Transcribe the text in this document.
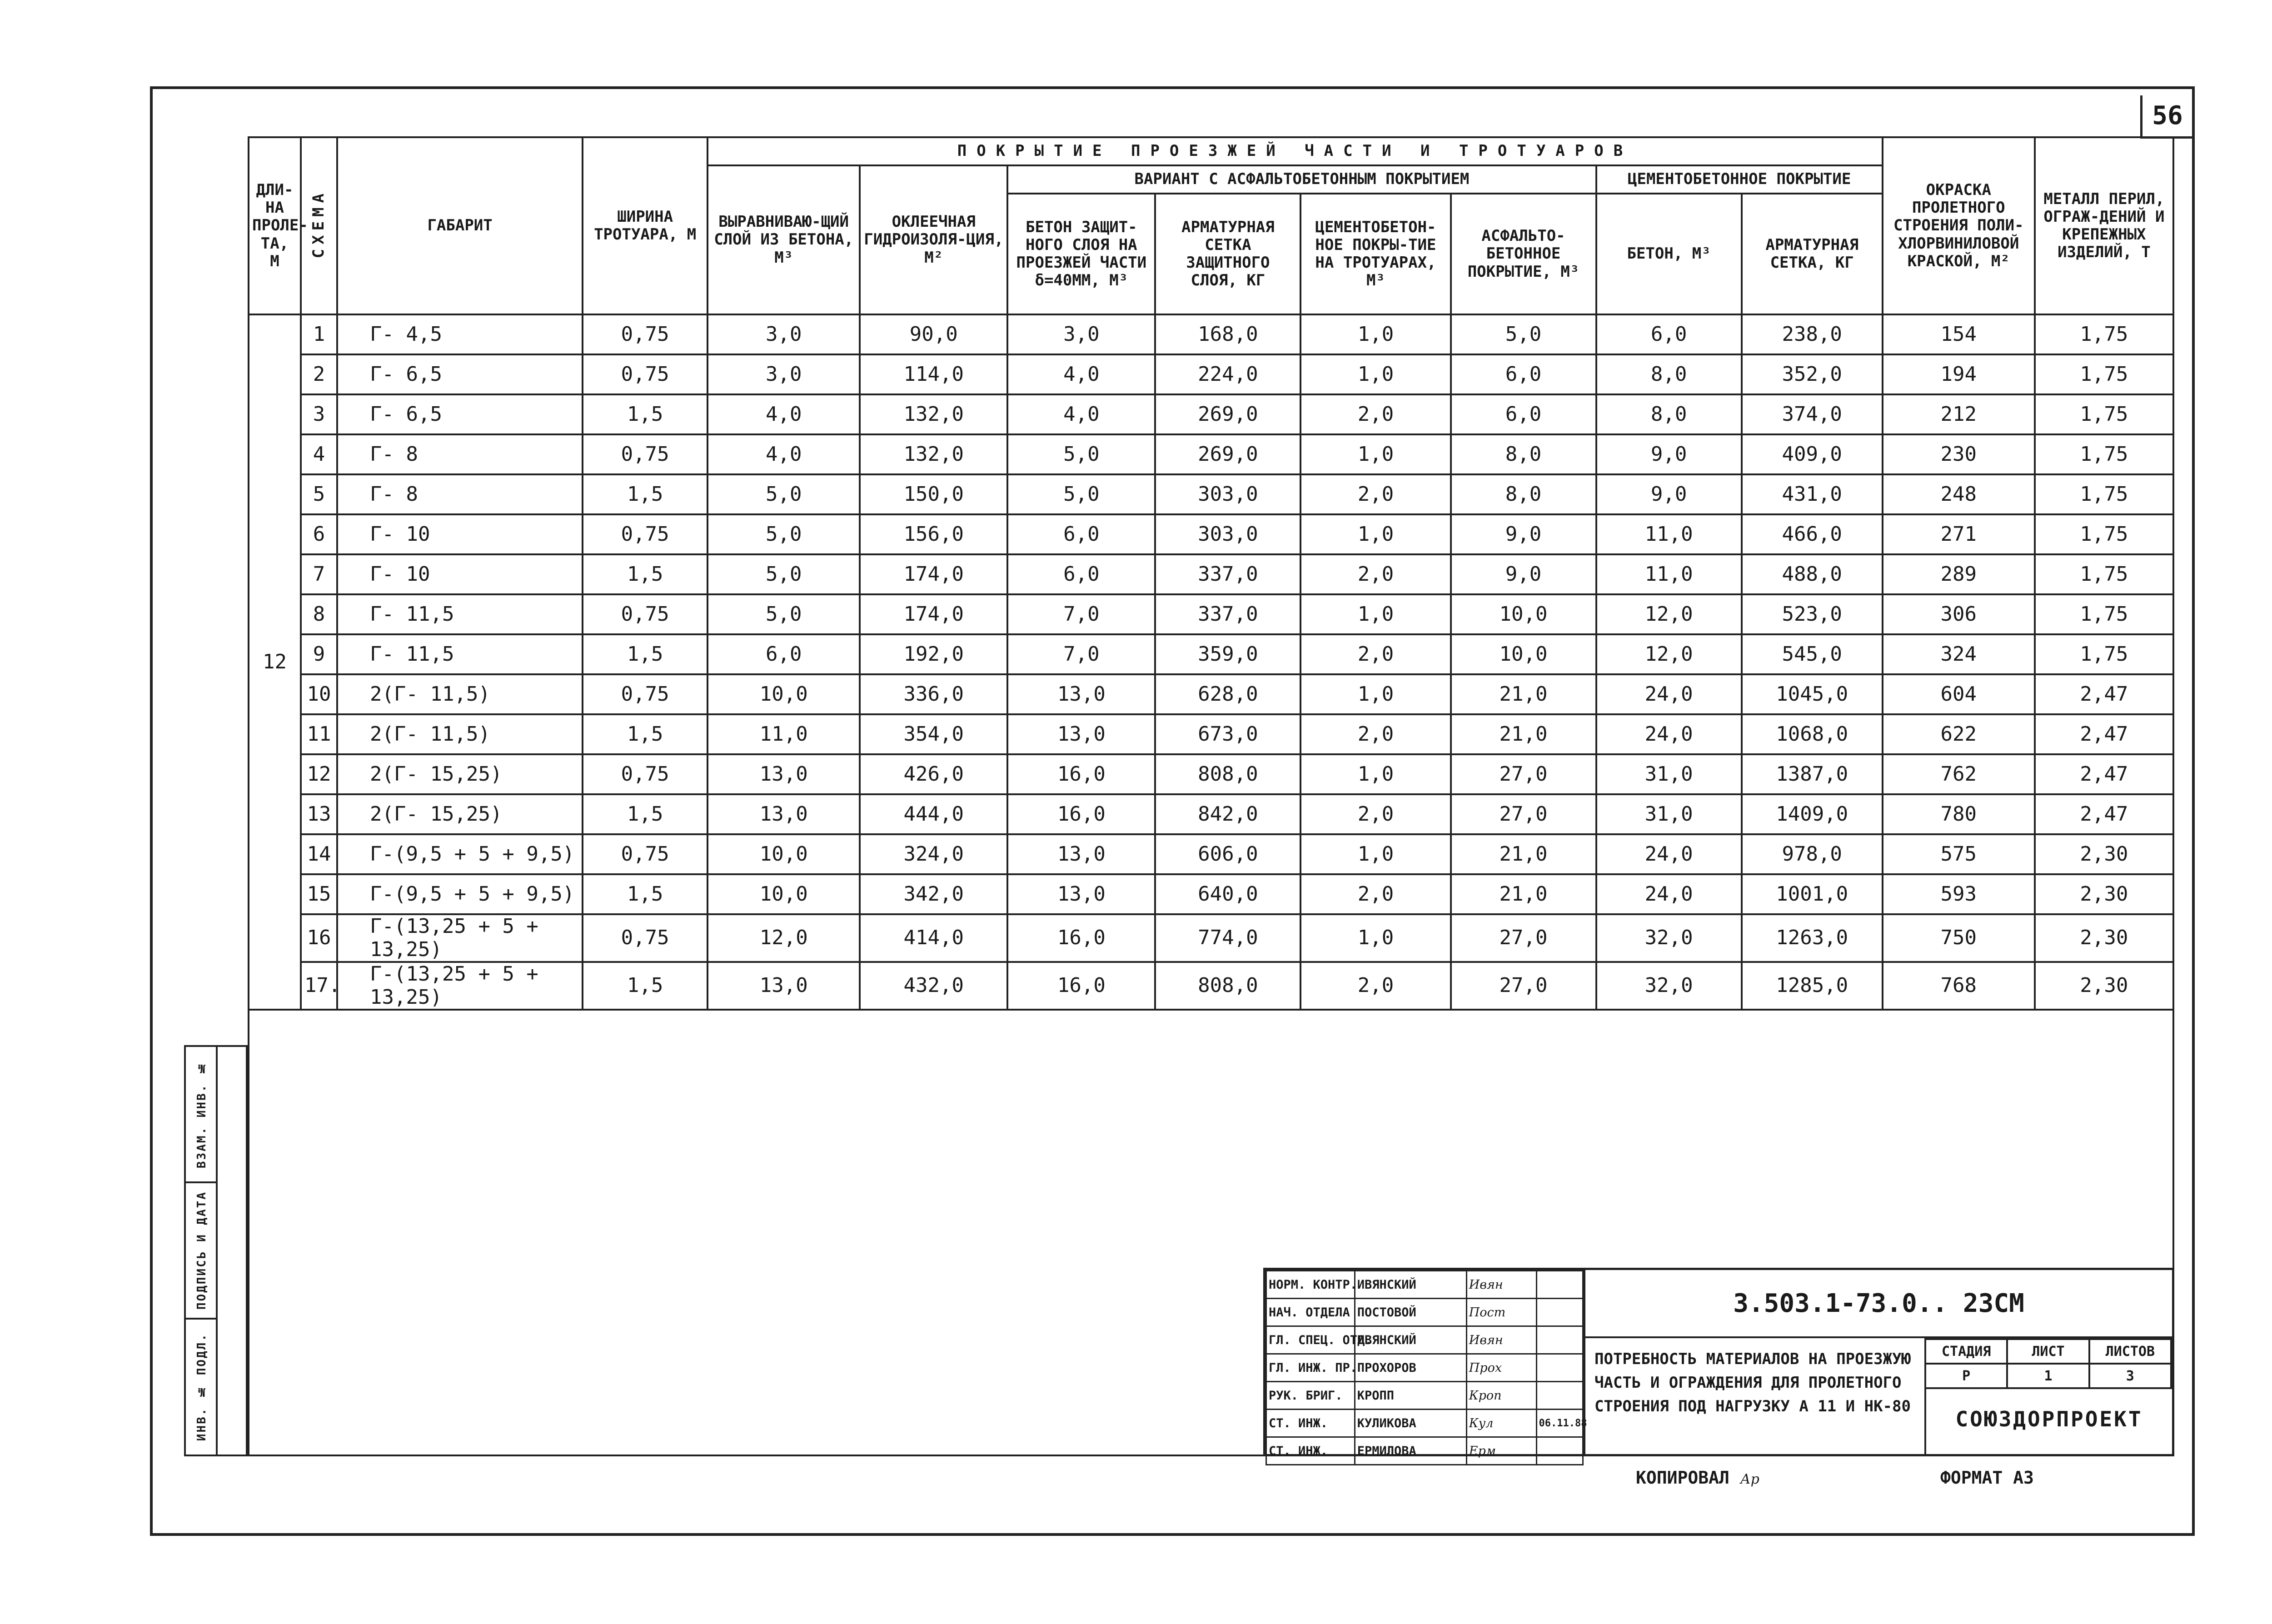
56
ДЛИ-НА ПРОЛЕ-ТА, М	СХЕМА	ГАБАРИТ	ШИРИНА ТРОТУАРА, М	ПОКРЫТИЕ ПРОЕЗЖЕЙ ЧАСТИ И ТРОТУАРОВ								ОКРАСКА ПРОЛЕТНОГО СТРОЕНИЯ ПОЛИ-ХЛОРВИНИЛОВОЙ КРАСКОЙ, М²	МЕТАЛЛ ПЕРИЛ, ОГРАЖ-ДЕНИЙ И КРЕПЕЖНЫХ ИЗДЕЛИЙ, Т
				ВЫРАВНИВАЮ-ЩИЙ СЛОЙ ИЗ БЕТОНА, М³	ОКЛЕЕЧНАЯ ГИДРОИЗОЛЯ-ЦИЯ, М²	ВАРИАНТ С АСФАЛЬТОБЕТОННЫМ ПОКРЫТИЕМ				ЦЕМЕНТОБЕТОННОЕ ПОКРЫТИЕ			
						БЕТОН ЗАЩИТ-НОГО СЛОЯ НА ПРОЕЗЖЕЙ ЧАСТИ δ=40ММ, М³	АРМАТУРНАЯ СЕТКА ЗАЩИТНОГО СЛОЯ, КГ	ЦЕМЕНТОБЕТОН-НОЕ ПОКРЫ-ТИЕ НА ТРОТУАРАХ, М³	АСФАЛЬТО-БЕТОННОЕ ПОКРЫТИЕ, М³	БЕТОН, М³	АРМАТУРНАЯ СЕТКА, КГ		
12	1	Г- 4,5	0,75	3,0	90,0	3,0	168,0	1,0	5,0	6,0	238,0	154	1,75
	2	Г- 6,5	0,75	3,0	114,0	4,0	224,0	1,0	6,0	8,0	352,0	194	1,75
	3	Г- 6,5	1,5	4,0	132,0	4,0	269,0	2,0	6,0	8,0	374,0	212	1,75
	4	Г- 8	0,75	4,0	132,0	5,0	269,0	1,0	8,0	9,0	409,0	230	1,75
	5	Г- 8	1,5	5,0	150,0	5,0	303,0	2,0	8,0	9,0	431,0	248	1,75
	6	Г- 10	0,75	5,0	156,0	6,0	303,0	1,0	9,0	11,0	466,0	271	1,75
	7	Г- 10	1,5	5,0	174,0	6,0	337,0	2,0	9,0	11,0	488,0	289	1,75
	8	Г- 11,5	0,75	5,0	174,0	7,0	337,0	1,0	10,0	12,0	523,0	306	1,75
	9	Г- 11,5	1,5	6,0	192,0	7,0	359,0	2,0	10,0	12,0	545,0	324	1,75
	10	2(Г- 11,5)	0,75	10,0	336,0	13,0	628,0	1,0	21,0	24,0	1045,0	604	2,47
	11	2(Г- 11,5)	1,5	11,0	354,0	13,0	673,0	2,0	21,0	24,0	1068,0	622	2,47
	12	2(Г- 15,25)	0,75	13,0	426,0	16,0	808,0	1,0	27,0	31,0	1387,0	762	2,47
	13	2(Г- 15,25)	1,5	13,0	444,0	16,0	842,0	2,0	27,0	31,0	1409,0	780	2,47
	14	Г-(9,5 + 5 + 9,5)	0,75	10,0	324,0	13,0	606,0	1,0	21,0	24,0	978,0	575	2,30
	15	Г-(9,5 + 5 + 9,5)	1,5	10,0	342,0	13,0	640,0	2,0	21,0	24,0	1001,0	593	2,30
	16	Г-(13,25 + 5 + 13,25)	0,75	12,0	414,0	16,0	774,0	1,0	27,0	32,0	1263,0	750	2,30
	17.	Г-(13,25 + 5 + 13,25)	1,5	13,0	432,0	16,0	808,0	2,0	27,0	32,0	1285,0	768	2,30
ВЗАМ. ИНВ. №
ПОДПИСЬ И ДАТА
ИНВ. № ПОДЛ.
НОРМ. КОНТР.	ИВЯНСКИЙ	Ивян	
НАЧ. ОТДЕЛА	ПОСТОВОЙ	Пост	
ГЛ. СПЕЦ. ОТД.	ИВЯНСКИЙ	Ивян	
ГЛ. ИНЖ. ПР.	ПРОХОРОВ	Прох	
РУК. БРИГ.	КРОПП	Кроп	
СТ. ИНЖ.	КУЛИКОВА	Кул	06.11.88
СТ. ИНЖ.	ЕРМИЛОВА	Ерм	
3.503.1-73.0.. 23СМ
ПОТРЕБНОСТЬ МАТЕРИАЛОВ НА ПРОЕЗЖУЮ ЧАСТЬ И ОГРАЖДЕНИЯ ДЛЯ ПРОЛЕТНОГО СТРОЕНИЯ ПОД НАГРУЗКУ А 11 И НК-80
СТАДИЯ	ЛИСТ	ЛИСТОВ
Р	1	3
СОЮЗДОРПРОЕКТ
КОПИРОВАЛ Ар	ФОРМАТ А3
